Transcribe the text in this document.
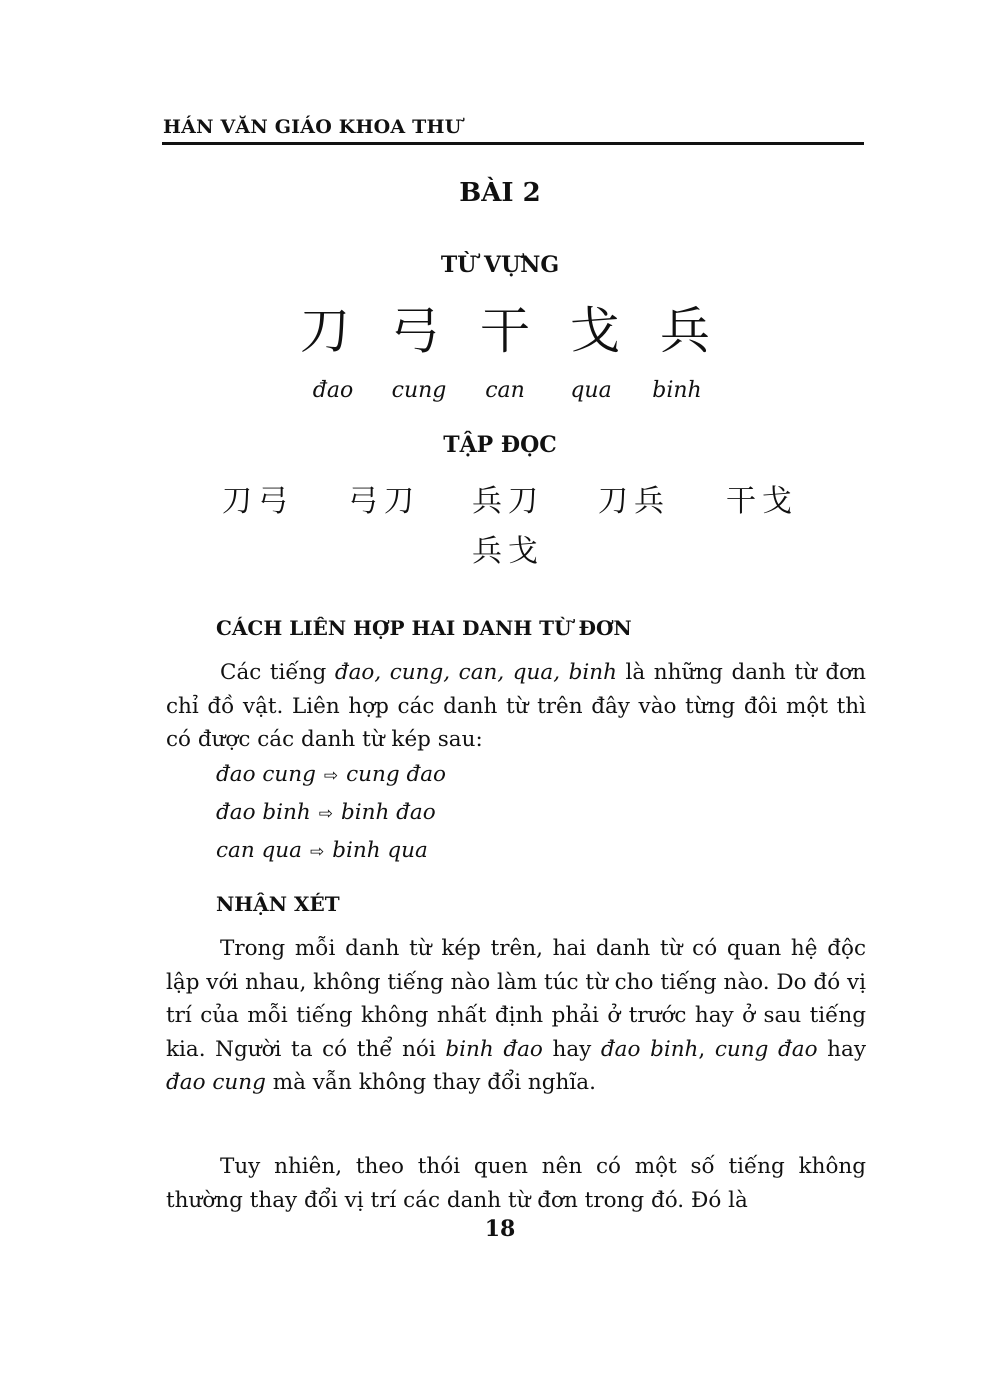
HÁN VĂN GIÁO KHOA THƯ
BÀI 2
TỪ VỰNG
刀 弓 干 戈 兵
đao	cung	can	qua	binh
TẬP ĐỌC
刀弓 弓刀 兵刀 刀兵 干戈
兵戈
CÁCH LIÊN HỢP HAI DANH TỪ ĐƠN

Các tiếng đao, cung, can, qua, binh là những danh từ đơn chỉ đồ vật. Liên hợp các danh từ trên đây vào từng đôi một thì có được các danh từ kép sau:

đao cung ⇨ cung đao
đao binh ⇨ binh đao
can qua ⇨ binh qua
NHẬN XÉT

Trong mỗi danh từ kép trên, hai danh từ có quan hệ độc lập với nhau, không tiếng nào làm túc từ cho tiếng nào. Do đó vị trí của mỗi tiếng không nhất định phải ở trước hay ở sau tiếng kia. Người ta có thể nói binh đao hay đao binh, cung đao hay đao cung mà vẫn không thay đổi nghĩa.

Tuy nhiên, theo thói quen nên có một số tiếng không thường thay đổi vị trí các danh từ đơn trong đó. Đó là

18
